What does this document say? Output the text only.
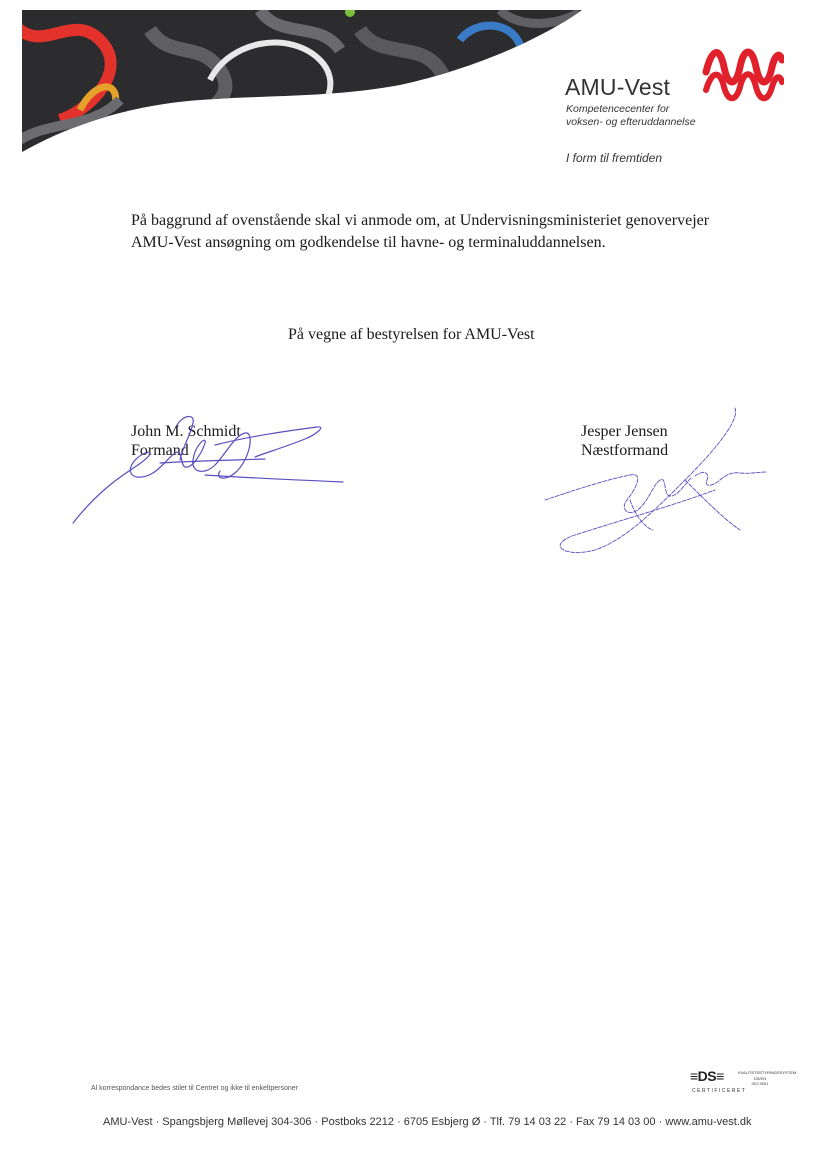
AMU-Vest
Kompetencecenter for
voksen- og efteruddannelse
I form til fremtiden

På baggrund af ovenstående skal vi anmode om, at Undervisningsministeriet genovervejer AMU-Vest ansøgning om godkendelse til havne- og terminaluddannelsen.

På vegne af bestyrelsen for AMU-Vest

John M. Schmidt
Formand
Jesper Jensen
Næstformand
Al korrespondance bedes stilet til Centret og ikke til enkeltpersoner
≡DS≡
CERTIFICERET
KVALITETSSTYRINGSSYSTEM
DS/EN
ISO 9001
AMU-Vest · Spangsbjerg Møllevej 304-306 · Postboks 2212 · 6705 Esbjerg Ø · Tlf. 79 14 03 22 · Fax 79 14 03 00 · www.amu-vest.dk
